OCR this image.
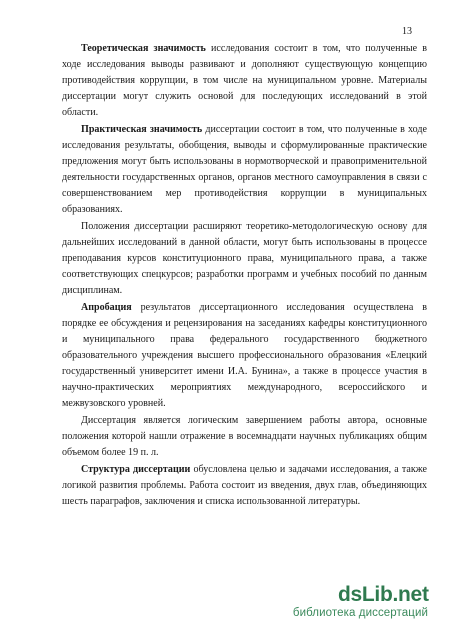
13

Теоретическая значимость исследования состоит в том, что полученные в ходе исследования выводы развивают и дополняют существующую концепцию противодействия коррупции, в том числе на муниципальном уровне. Материалы диссертации могут служить основой для последующих исследований в этой области.

Практическая значимость диссертации состоит в том, что полученные в ходе исследования результаты, обобщения, выводы и сформулированные практические предложения могут быть использованы в нормотворческой и правоприменительной деятельности государственных органов, органов местного самоуправления в связи с совершенствованием мер противодействия коррупции в муниципальных образованиях.

Положения диссертации расширяют теоретико-методологическую основу для дальнейших исследований в данной области, могут быть использованы в процессе преподавания курсов конституционного права, муниципального права, а также соответствующих спецкурсов; разработки программ и учебных пособий по данным дисциплинам.

Апробация результатов диссертационного исследования осуществлена в порядке ее обсуждения и рецензирования на заседаниях кафедры конституционного и муниципального права федерального государственного бюджетного образовательного учреждения высшего профессионального образования «Елецкий государственный университет имени И.А. Бунина», а также в процессе участия в научно-практических мероприятиях международного, всероссийского и межвузовского уровней.

Диссертация является логическим завершением работы автора, основные положения которой нашли отражение в восемнадцати научных публикациях общим объемом более 19 п. л.

Структура диссертации обусловлена целью и задачами исследования, а также логикой развития проблемы. Работа состоит из введения, двух глав, объединяющих шесть параграфов, заключения и списка использованной литературы.

dsLib.net
библиотека диссертаций
